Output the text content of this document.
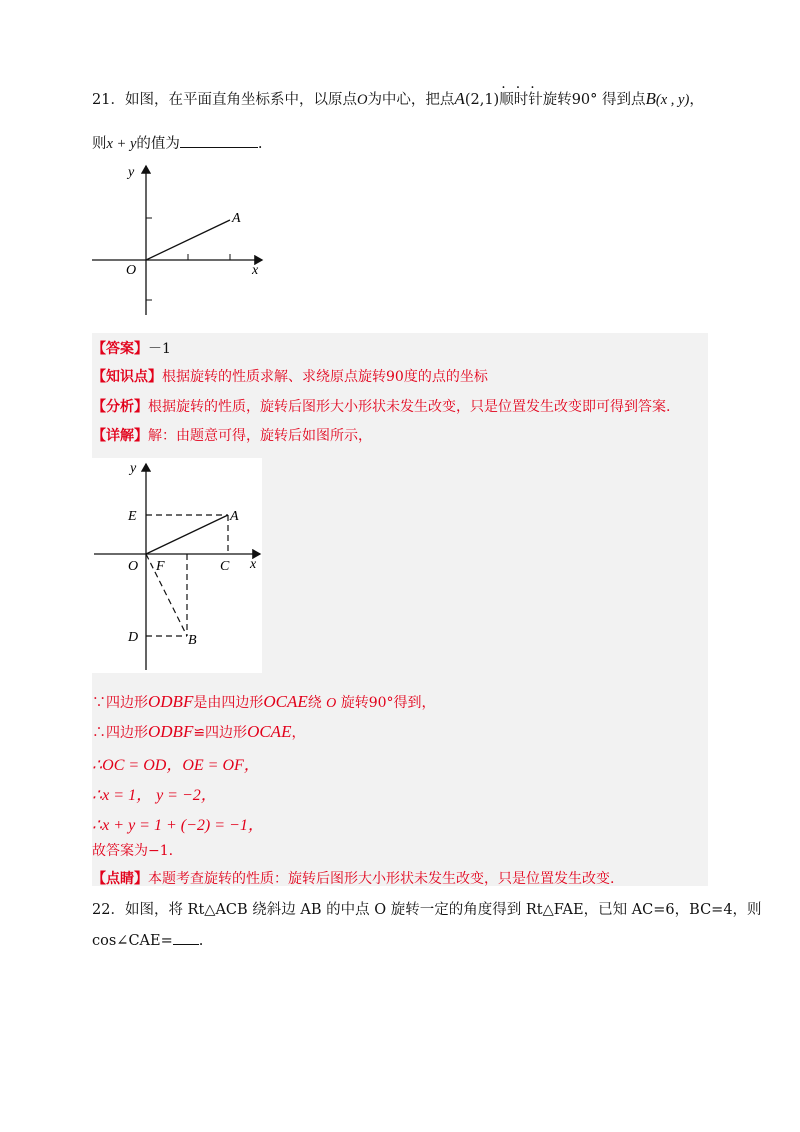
21．如图，在平面直角坐标系中，以原点O为中心，把点A(2,1)顺时针旋转90° 得到点B(x , y)，
则x + y的值为	.
y
x
O
A
【答案】－1
【知识点】根据旋转的性质求解、求绕原点旋转90度的点的坐标
【分析】根据旋转的性质，旋转后图形大小形状未发生改变，只是位置发生改变即可得到答案.
【详解】解：由题意可得，旋转后如图所示，
y
x
O
E	A
F	C
D	B
∵四边形ODBF是由四边形OCAE绕 O 旋转90°得到，
∴四边形ODBF≌四边形OCAE，
∴OC = OD，OE = OF，
∴x = 1， y = −2，
∴x + y = 1 + (−2) = −1，
故答案为−1.
【点睛】本题考查旋转的性质：旋转后图形大小形状未发生改变，只是位置发生改变.
22．如图，将 Rt△ACB 绕斜边 AB 的中点 O 旋转一定的角度得到 Rt△FAE，已知 AC=6，BC=4，则
cos∠CAE= .
